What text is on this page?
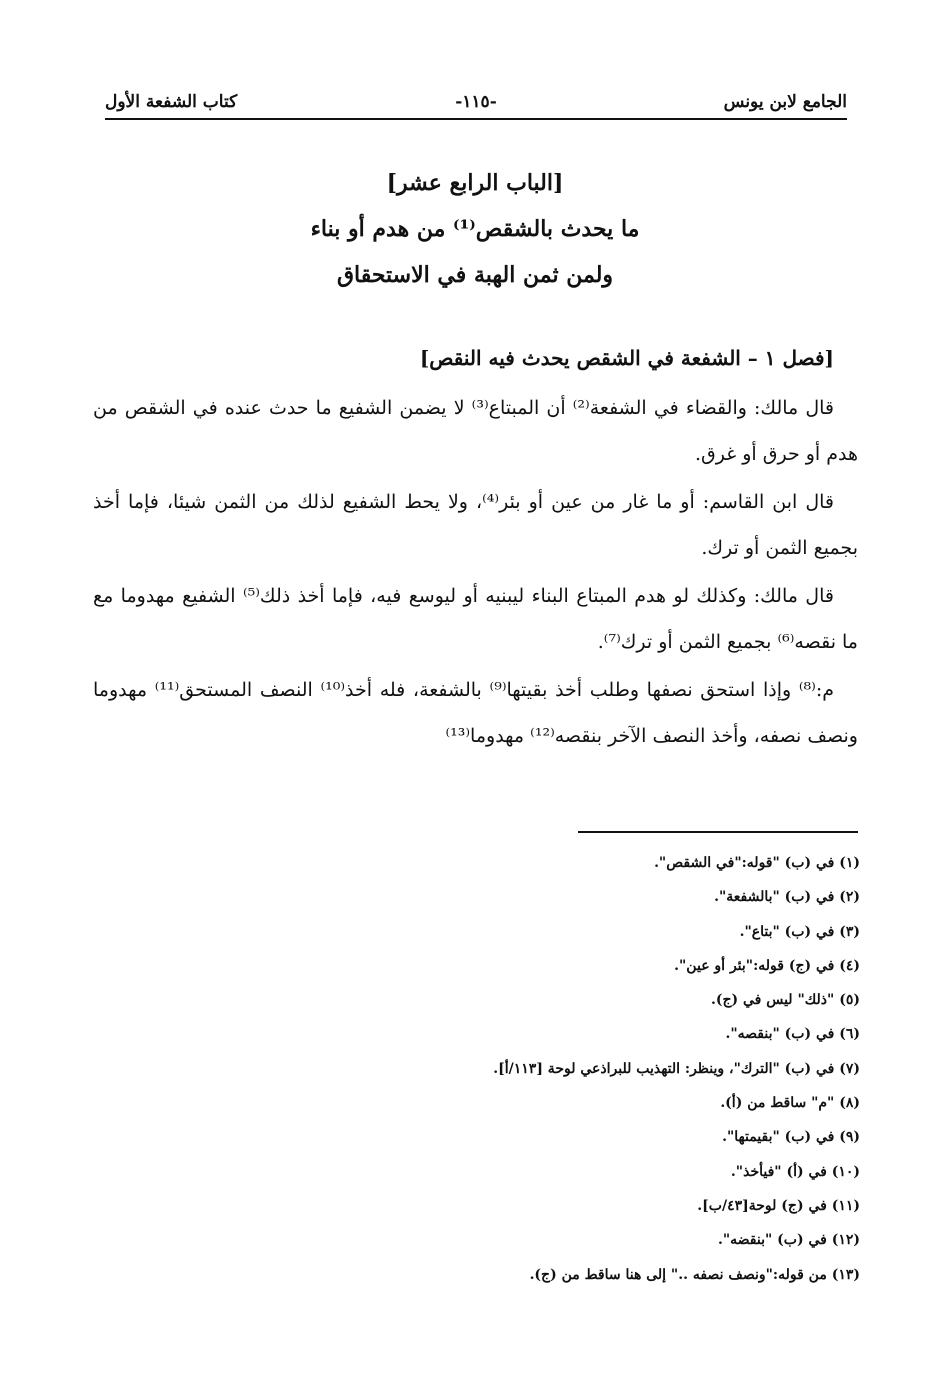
الجامع لابن يونس
-١١٥-
كتاب الشفعة الأول
[الباب الرابع عشر]
ما يحدث بالشقص⁽¹⁾ من هدم أو بناء
ولمن ثمن الهبة في الاستحقاق

[فصل ١ – الشفعة في الشقص يحدث فيه النقص]

قال مالك: والقضاء في الشفعة⁽²⁾ أن المبتاع⁽³⁾ لا يضمن الشفيع ما حدث عنده في الشقص من هدم أو حرق أو غرق.

قال ابن القاسم: أو ما غار من عين أو بئر⁽⁴⁾، ولا يحط الشفيع لذلك من الثمن شيئا، فإما أخذ بجميع الثمن أو ترك.

قال مالك: وكذلك لو هدم المبتاع البناء ليبنيه أو ليوسع فيه، فإما أخذ ذلك⁽⁵⁾ الشفيع مهدوما مع ما نقصه⁽⁶⁾ بجميع الثمن أو ترك⁽⁷⁾.

م:⁽⁸⁾ وإذا استحق نصفها وطلب أخذ بقيتها⁽⁹⁾ بالشفعة، فله أخذ⁽¹⁰⁾ النصف المستحق⁽¹¹⁾ مهدوما ونصف نصفه، وأخذ النصف الآخر بنقصه⁽¹²⁾ مهدوما⁽¹³⁾

(١) في (ب) "قوله:"في الشقص".
(٢) في (ب) "بالشفعة".
(٣) في (ب) "بتاع".
(٤) في (ج) قوله:"بئر أو عين".
(٥) "ذلك" ليس في (ج).
(٦) في (ب) "بنقصه".
(٧) في (ب) "الترك"، وينظر: التهذيب للبراذعي لوحة [١١٣/أ].
(٨) "م" ساقط من (أ).
(٩) في (ب) "بقيمتها".
(١٠) في (أ) "فيأخذ".
(١١) في (ج) لوحة[٤٣/ب].
(١٢) في (ب) "بنقضه".
(١٣) من قوله:"ونصف نصفه .." إلى هنا ساقط من (ج).
